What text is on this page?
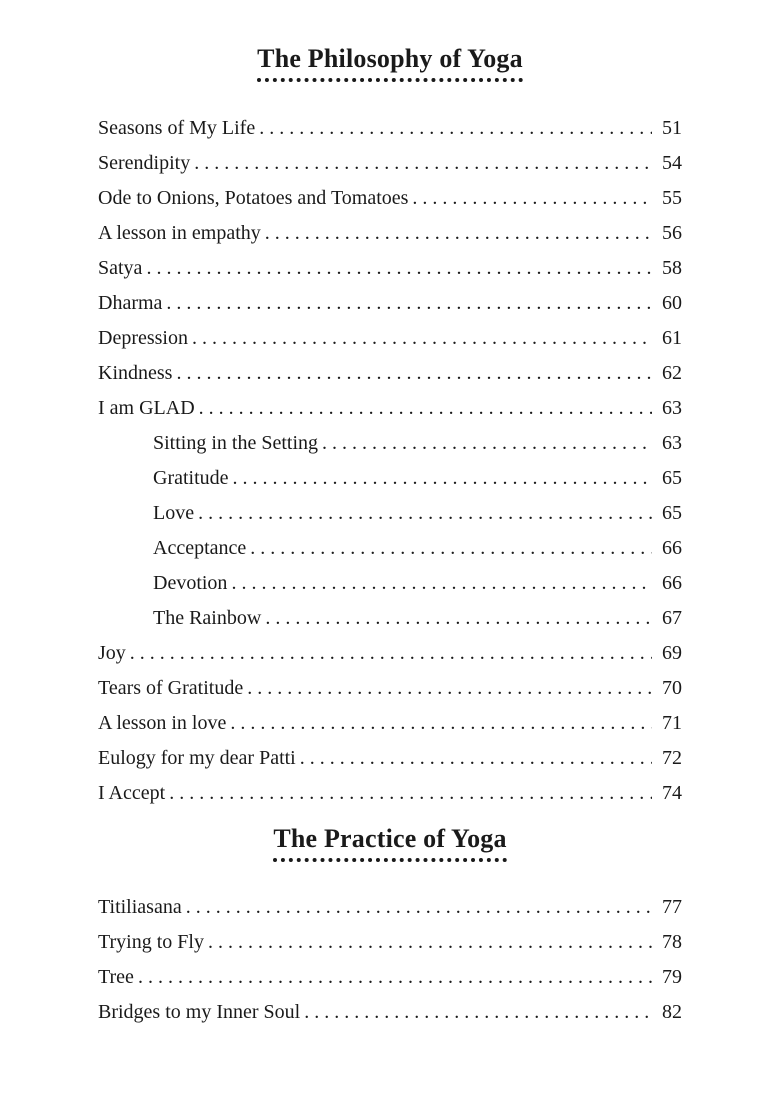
The Philosophy of Yoga
Seasons of My Life . . .	51
Serendipity . . .	54
Ode to Onions, Potatoes and Tomatoes . . .	55
A lesson in empathy . . .	56
Satya . . .	58
Dharma . . .	60
Depression . . .	61
Kindness . . .	62
I am GLAD . . .	63
Sitting in the Setting . . .	63
Gratitude . . .	65
Love . . .	65
Acceptance . . .	66
Devotion . . .	66
The Rainbow . . .	67
Joy . . .	69
Tears of Gratitude . . .	70
A lesson in love . . .	71
Eulogy for my dear Patti . . .	72
I Accept . . .	74
The Practice of Yoga
Titiliasana . . .	77
Trying to Fly . . .	78
Tree . . .	79
Bridges to my Inner Soul . . .	82
